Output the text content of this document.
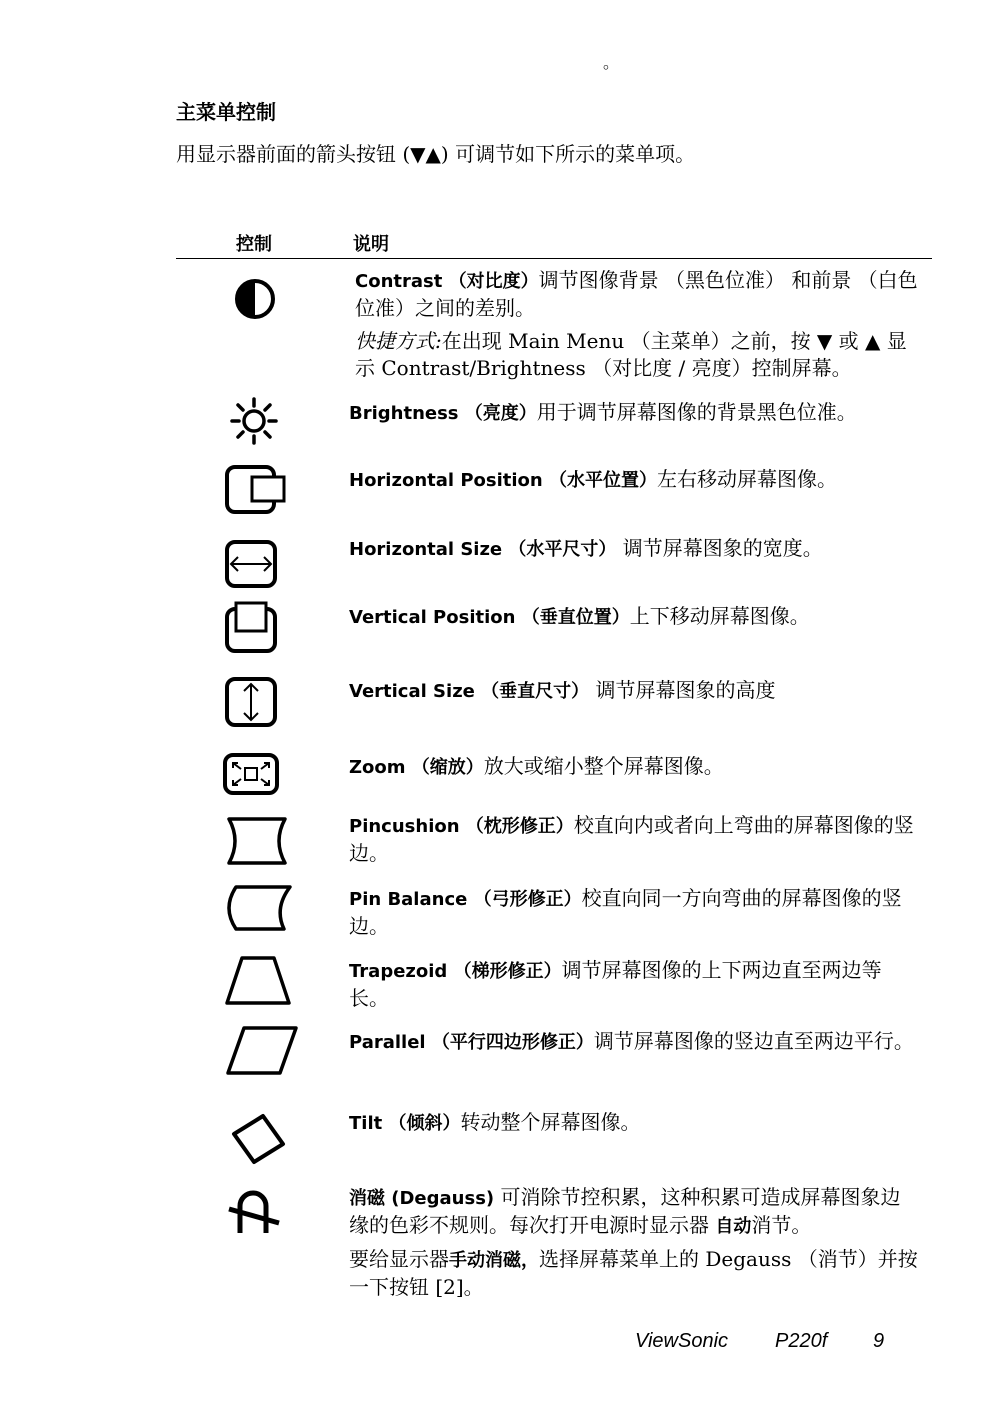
。
主菜单控制
用显示器前面的箭头按钮 (▼▲) 可调节如下所示的菜单项。
控制	说明
Contrast （对比度）调节图像背景 （黑色位准） 和前景 （白色位准）之间的差别。
快捷方式:在出现 Main Menu （主菜单）之前，按 ▼ 或 ▲ 显示 Contrast/Brightness （对比度 / 亮度）控制屏幕。
Brightness （亮度）用于调节屏幕图像的背景黑色位准。
Horizontal Position （水平位置）左右移动屏幕图像。
Horizontal Size （水平尺寸） 调节屏幕图象的宽度。
Vertical Position （垂直位置）上下移动屏幕图像。
Vertical Size （垂直尺寸） 调节屏幕图象的高度
Zoom （缩放）放大或缩小整个屏幕图像。
Pincushion （枕形修正）校直向内或者向上弯曲的屏幕图像的竖边。
Pin Balance （弓形修正）校直向同一方向弯曲的屏幕图像的竖边。
Trapezoid （梯形修正）调节屏幕图像的上下两边直至两边等长。
Parallel （平行四边形修正）调节屏幕图像的竖边直至两边平行。
Tilt （倾斜）转动整个屏幕图像。
消磁 (Degauss) 可消除节控积累，这种积累可造成屏幕图象边缘的色彩不规则。每次打开电源时显示器 自动消节。
要给显示器手动消磁，选择屏幕菜单上的 Degauss （消节）并按一下按钮 [2]。
ViewSonic P220f 9
